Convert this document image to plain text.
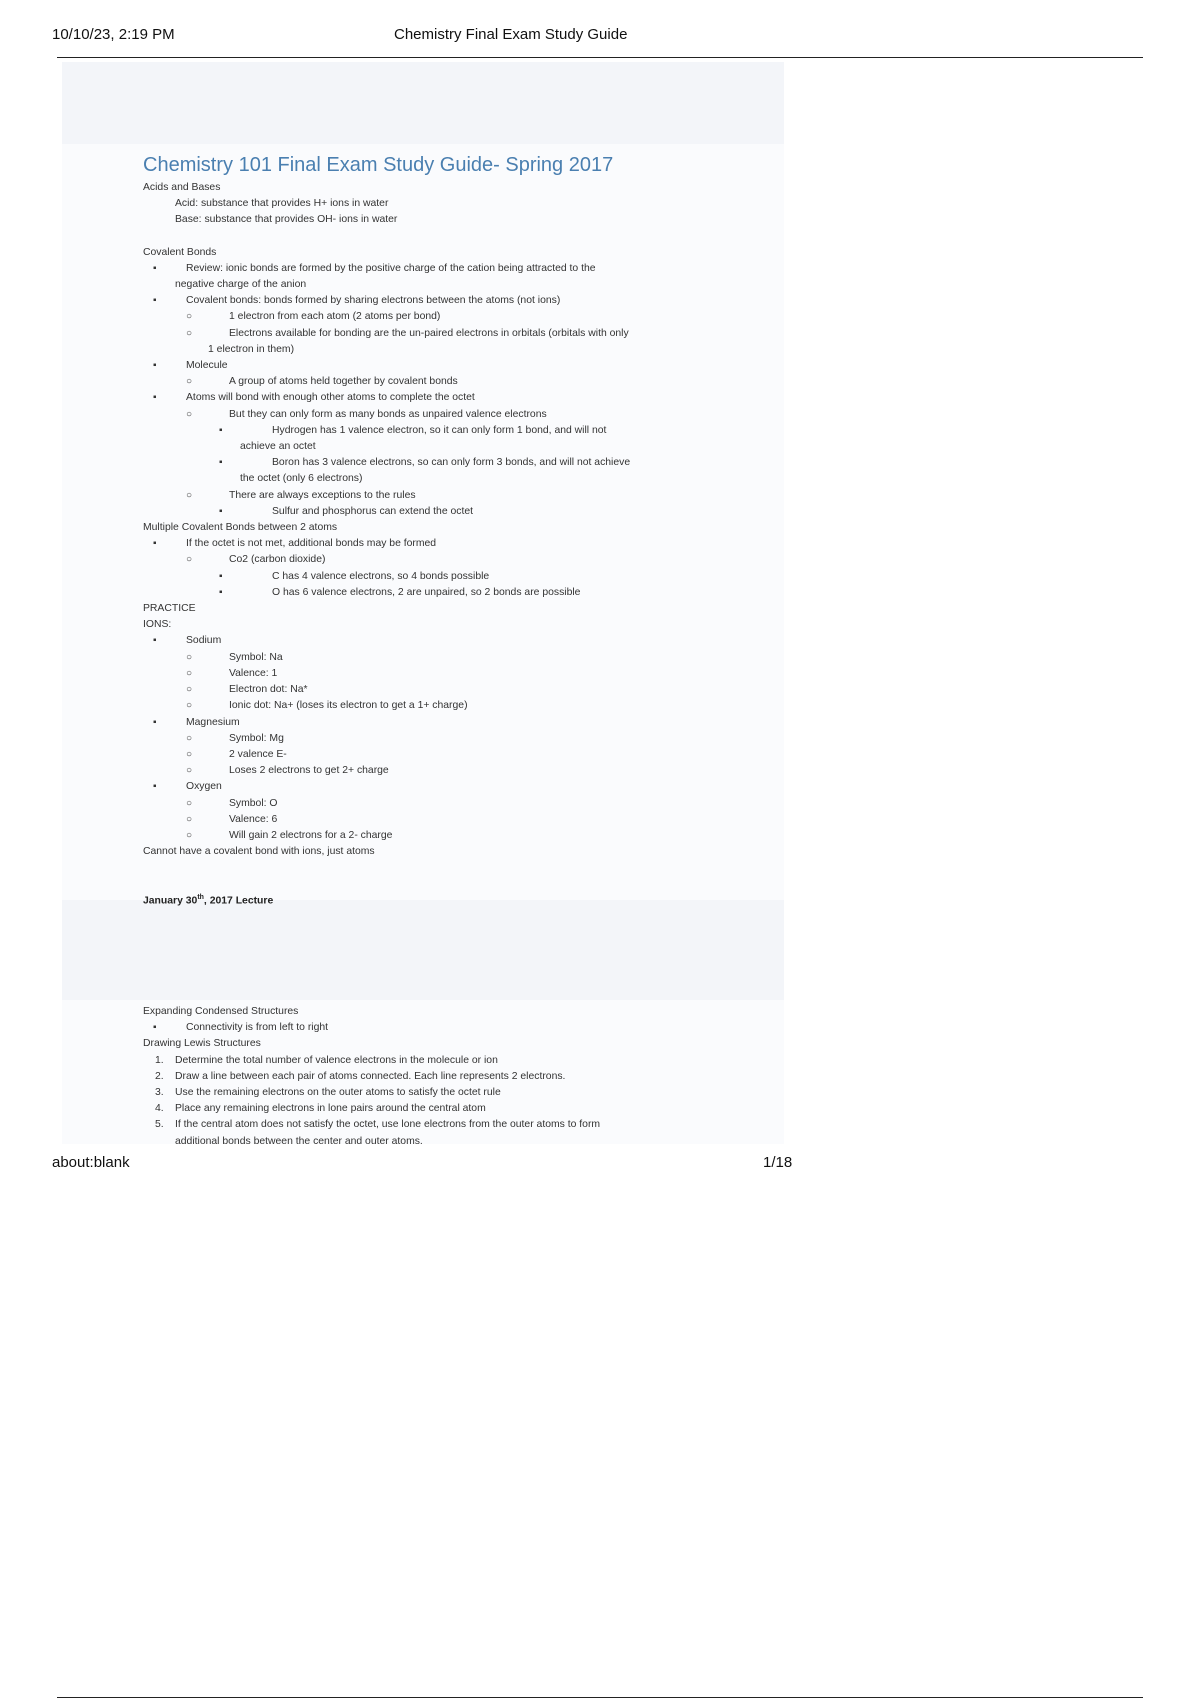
10/10/23, 2:19 PM	Chemistry Final Exam Study Guide
Chemistry 101 Final Exam Study Guide- Spring 2017
Acids and Bases
Acid: substance that provides H+ ions in water
Base: substance that provides OH- ions in water
Covalent Bonds
▪	Review: ionic bonds are formed by the positive charge of the cation being attracted to the
negative charge of the anion
▪	Covalent bonds: bonds formed by sharing electrons between the atoms (not ions)
○	1 electron from each atom (2 atoms per bond)
○	Electrons available for bonding are the un-paired electrons in orbitals (orbitals with only
1 electron in them)
▪	Molecule
○	A group of atoms held together by covalent bonds
▪	Atoms will bond with enough other atoms to complete the octet
○	But they can only form as many bonds as unpaired valence electrons
▪	Hydrogen has 1 valence electron, so it can only form 1 bond, and will not
achieve an octet
▪	Boron has 3 valence electrons, so can only form 3 bonds, and will not achieve
the octet (only 6 electrons)
○	There are always exceptions to the rules
▪	Sulfur and phosphorus can extend the octet
Multiple Covalent Bonds between 2 atoms
▪	If the octet is not met, additional bonds may be formed
○	Co2 (carbon dioxide)
▪	C has 4 valence electrons, so 4 bonds possible
▪	O has 6 valence electrons, 2 are unpaired, so 2 bonds are possible
PRACTICE
IONS:
▪	Sodium
○	Symbol: Na
○	Valence: 1
○	Electron dot: Na*
○	Ionic dot: Na+ (loses its electron to get a 1+ charge)
▪	Magnesium
○	Symbol: Mg
○	2 valence E-
○	Loses 2 electrons to get 2+ charge
▪	Oxygen
○	Symbol: O
○	Valence: 6
○	Will gain 2 electrons for a 2- charge
Cannot have a covalent bond with ions, just atoms
January 30th, 2017 Lecture
Expanding Condensed Structures
▪	Connectivity is from left to right
Drawing Lewis Structures
1. Determine the total number of valence electrons in the molecule or ion
2. Draw a line between each pair of atoms connected. Each line represents 2 electrons.
3. Use the remaining electrons on the outer atoms to satisfy the octet rule
4. Place any remaining electrons in lone pairs around the central atom
5. If the central atom does not satisfy the octet, use lone electrons from the outer atoms to form
additional bonds between the center and outer atoms.
about:blank	1/18
